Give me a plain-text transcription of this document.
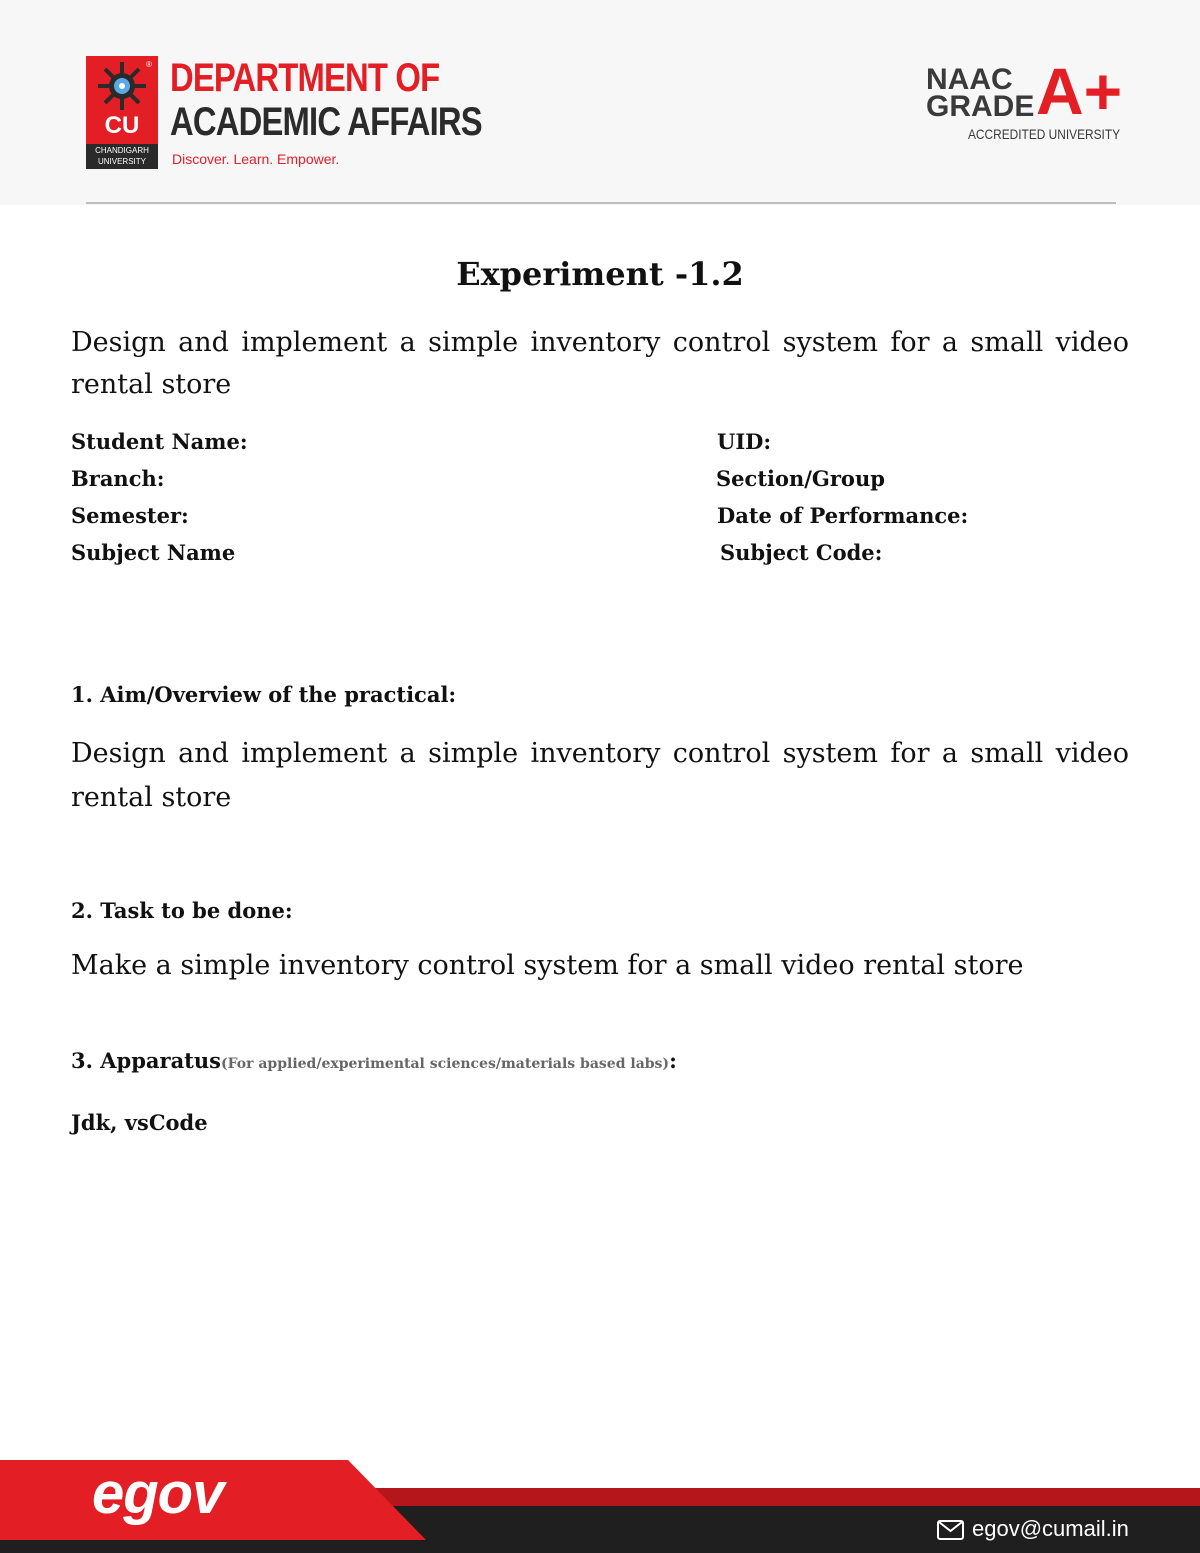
®
CU
CHANDIGARH UNIVERSITY
DEPARTMENT OF
ACADEMIC AFFAIRS
Discover. Learn. Empower.
NAAC
GRADE A+
ACCREDITED UNIVERSITY
Experiment -1.2
Design and implement a simple inventory control system for a small video rental store
Student Name:	UID:
Branch:	Section/Group
Semester:	Date of Performance:
Subject Name	Subject Code:
1. Aim/Overview of the practical:
Design and implement a simple inventory control system for a small video rental store
2. Task to be done:
Make a simple inventory control system for a small video rental store
3. Apparatus(For applied/experimental sciences/materials based labs):
Jdk, vsCode
egov
egov@cumail.in
